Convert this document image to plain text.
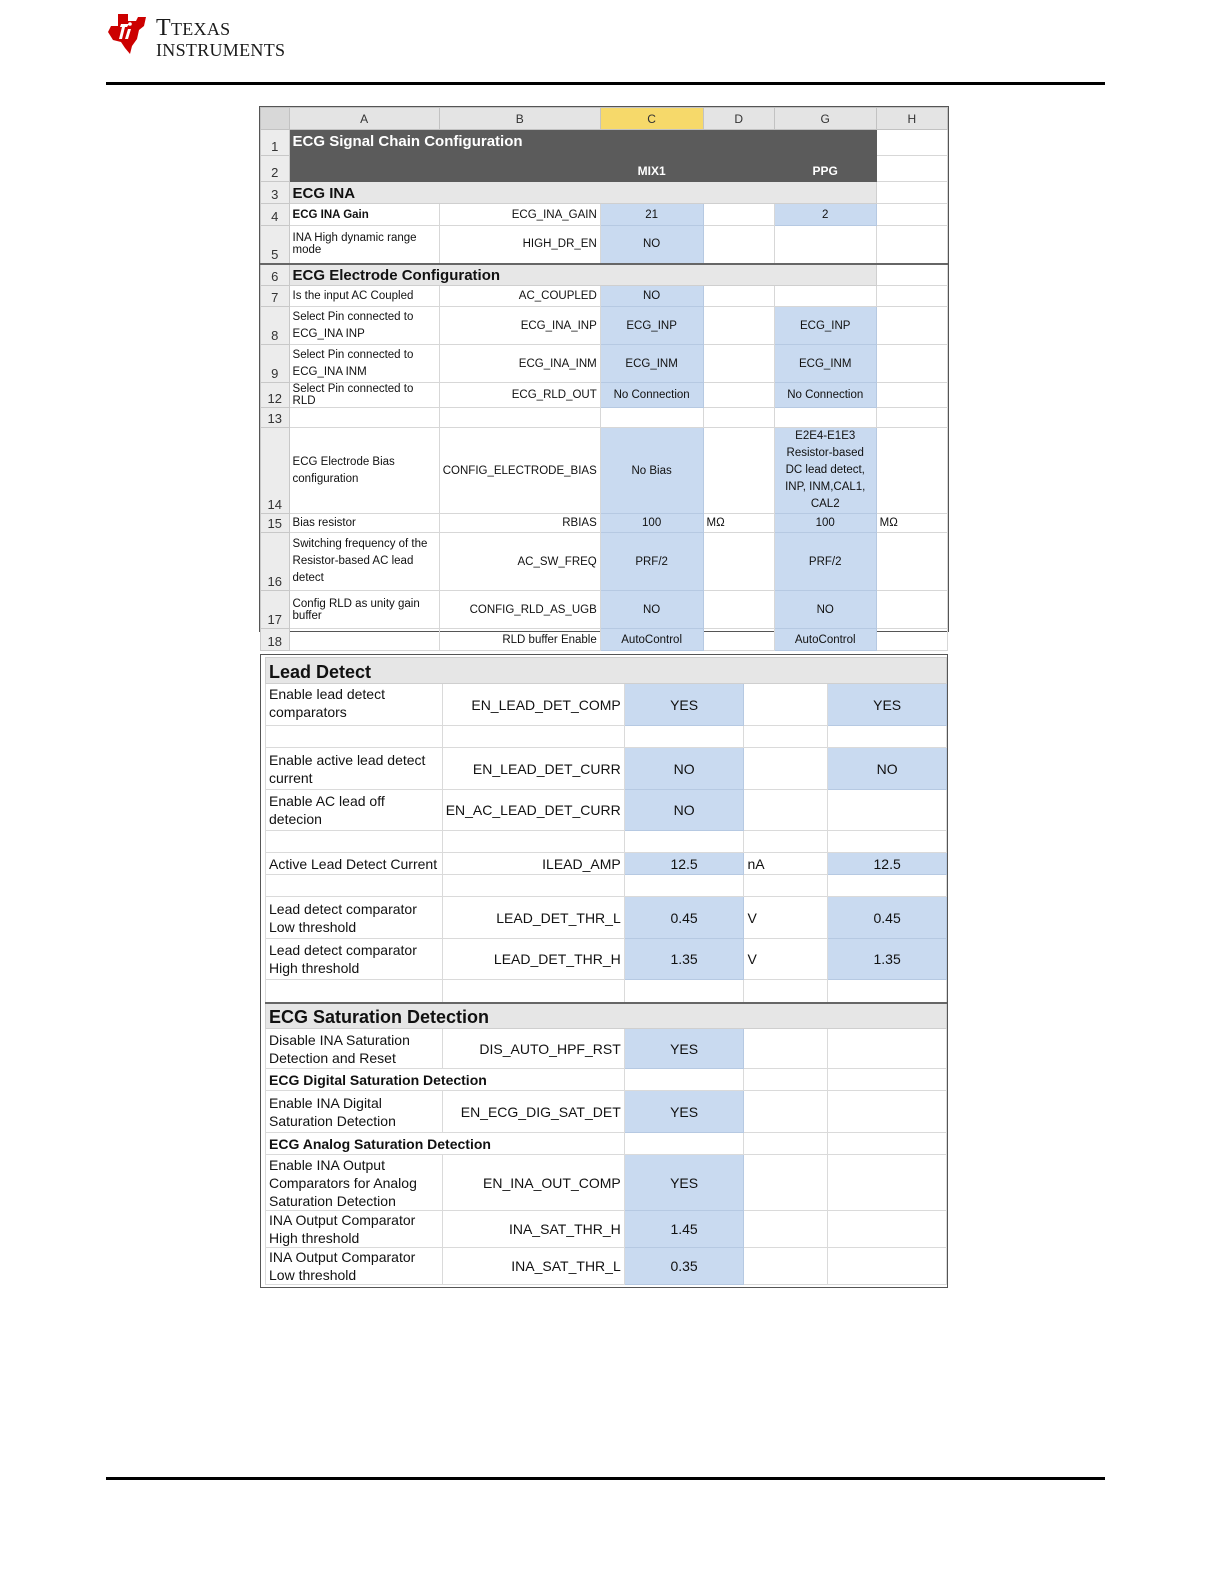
TTEXAS
INSTRUMENTS
	A	B	C	D	G	H
1	ECG Signal Chain Configuration					
2			MIX1		PPG	
3	ECG INA					
4	ECG INA Gain	ECG_INA_GAIN	21		2	
5	INA High dynamic range mode	HIGH_DR_EN	NO			
6	ECG Electrode Configuration					
7	Is the input AC Coupled	AC_COUPLED	NO			
8	Select Pin connected to ECG_INA INP	ECG_INA_INP	ECG_INP		ECG_INP	
9	Select Pin connected to ECG_INA INM	ECG_INA_INM	ECG_INM		ECG_INM	
12	Select Pin connected to RLD	ECG_RLD_OUT	No Connection		No Connection	
13						
14	ECG Electrode Bias configuration	CONFIG_ELECTRODE_BIAS	No Bias		E2E4-E1E3 Resistor-based DC lead detect, INP, INM,CAL1, CAL2	
15	Bias resistor	RBIAS	100	MΩ	100	MΩ
16	Switching frequency of the Resistor-based AC lead detect	AC_SW_FREQ	PRF/2		PRF/2	
17	Config RLD as unity gain buffer	CONFIG_RLD_AS_UGB	NO		NO	
18		RLD buffer Enable	AutoControl		AutoControl	
Lead Detect				
Enable lead detect comparators	EN_LEAD_DET_COMP	YES		YES

Enable active lead detect current	EN_LEAD_DET_CURR	NO		NO
Enable AC lead off detecion	EN_AC_LEAD_DET_CURR	NO		

Active Lead Detect Current	ILEAD_AMP	12.5	nA	12.5

Lead detect comparator Low threshold	LEAD_DET_THR_L	0.45	V	0.45
Lead detect comparator High threshold	LEAD_DET_THR_H	1.35	V	1.35

ECG Saturation Detection				
Disable INA Saturation Detection and Reset	DIS_AUTO_HPF_RST	YES		
ECG Digital Saturation Detection				
Enable INA Digital Saturation Detection	EN_ECG_DIG_SAT_DET	YES		
ECG Analog Saturation Detection				
Enable INA Output Comparators for Analog Saturation Detection	EN_INA_OUT_COMP	YES		
INA Output Comparator High threshold	INA_SAT_THR_H	1.45		
INA Output Comparator Low threshold	INA_SAT_THR_L	0.35		
